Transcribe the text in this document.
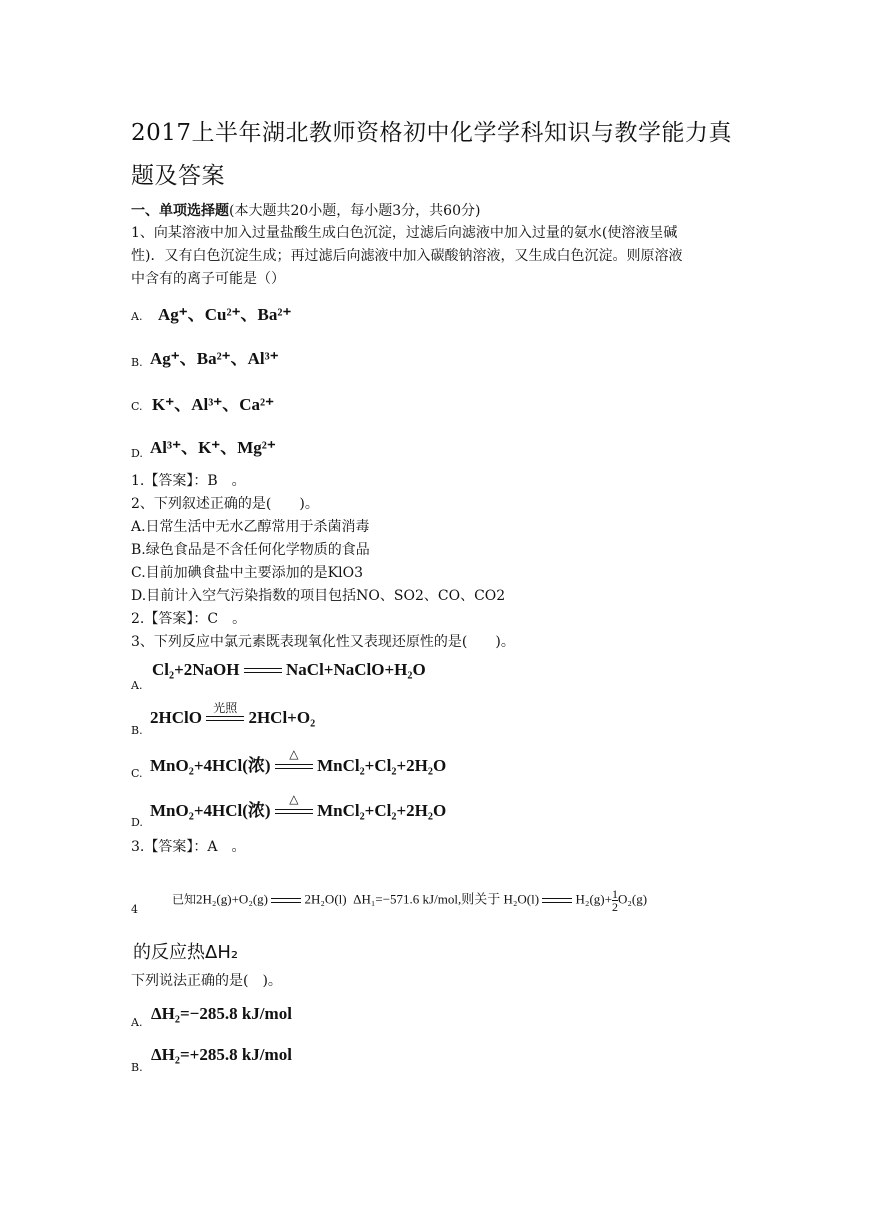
2017上半年湖北教师资格初中化学学科知识与教学能力真
题及答案
一、单项选择题(本大题共20小题，每小题3分，共60分)
1、向某溶液中加入过量盐酸生成白色沉淀，过滤后向滤液中加入过量的氨水(使溶液呈碱
性)．又有白色沉淀生成；再过滤后向滤液中加入碳酸钠溶液，又生成白色沉淀。则原溶液
中含有的离子可能是（）
A. Ag⁺、Cu²⁺、Ba²⁺
B. Ag⁺、Ba²⁺、Al³⁺
C. K⁺、Al³⁺、Ca²⁺
D. Al³⁺、K⁺、Mg²⁺
1.【答案】：B　。
2、下列叙述正确的是(　　)。
A.日常生活中无水乙醇常用于杀菌消毒
B.绿色食品是不含任何化学物质的食品
C.目前加碘食盐中主要添加的是KlO3
D.目前计入空气污染指数的项目包括NO、SO2、CO、CO2
2.【答案】：C　。
3、下列反应中氯元素既表现氧化性又表现还原性的是(　　)。
A.
Cl₂+2NaOH	NaCl+NaClO+H₂O
B.
2HClO 光照 2HCl+O₂
C. MnO₂+4HCl(浓)
△
MnCl₂+Cl₂+2H₂O
D.
MnO₂+4HCl(浓)
△
MnCl₂+Cl₂+2H₂O
3.【答案】：A　。
4
已知2H₂(g)+O₂(g)	2H₂O(l) ΔH₁=−571.6 kJ/mol,则关于 H₂O(l)	$H_2(g)+ \frac{1}{2} O_2(g)$
的反应热ΔH₂
下列说法正确的是(　)。
A. ΔH₂=−285.8 kJ/mol
B.
ΔH₂=+285.8 kJ/mol
